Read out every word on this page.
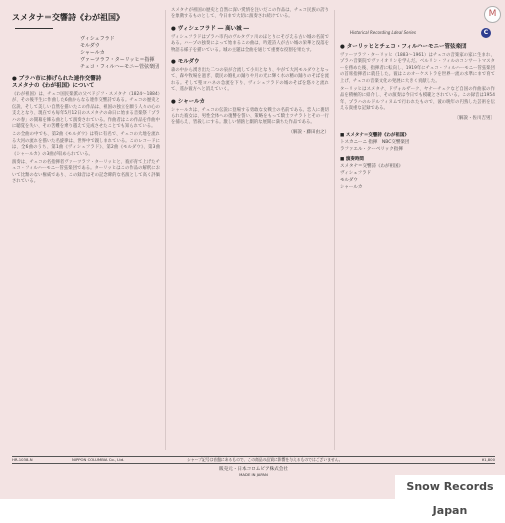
M
スメタナ＝交響詩《わが祖国》
ヴィシェフラド
モルダウ
シャールカ
ヴァーツラフ・ターリッヒ＝指揮
チェコ・フィルハーモニー管弦楽団
● プラハ市に捧げられた連作交響詩
スメタナの《わが祖国》について
《わが祖国》は、チェコ国民楽派の父ベドジフ・スメタナ（1824〜1884）が、その後半生に作曲した6曲からなる連作交響詩である。チェコの歴史と伝説、そして美しい自然を描いたこの作品は、祖国の独立を願う人々の心の支えとなり、現在でも毎年5月12日のスメタナの命日に始まる音楽祭「プラハの春」の開幕を飾る曲として演奏されている。作曲者はこの作品を作曲中に聴覚を失い、その苦難を乗り越えて完成させたことでも知られている。
この全曲の中でも、第2曲《モルダウ》は特に有名で、チェコの大地を流れる大河の流れを描いた名旋律は、世界中で親しまれている。このレコードには、全6曲のうち、第1曲《ヴィシェフラド》、第2曲《モルダウ》、第3曲《シャールカ》の3曲が収められている。
演奏は、チェコの名指揮者ヴァーツラフ・ターリッヒと、彼が育て上げたチェコ・フィルハーモニー管弦楽団である。ターリッヒはこの作品の解釈において比類のない権威であり、この録音はその記念碑的な名演として高く評価されている。
スメタナが祖国の歴史と自然に深い愛情を注いだこの作品は、チェコ民族の誇りを象徴するものとして、今日まで大切に演奏され続けている。
● ヴィシェフラド ― 高い城 ―
ヴィシェフラドはプラハ市内のヴルタヴァ川のほとりにそびえる古い城の名前である。ハープの独奏によって始まるこの曲は、吟遊詩人が古い城の栄華と没落を物語る様子を描いている。城の主題は全曲を通じて重要な役割を果たす。
● モルダウ
森の中から湧き出た二つの泉が合流して小川となり、やがて大河モルダウとなって、森や牧場を過ぎ、農民の婚礼の踊りや月の光に輝く水の精の踊りのそばを流れる。そして聖ヨハネの急流を下り、ヴィシェフラドの城のそばを悠々と流れて、遥か彼方へと消えていく。
● シャールカ
シャールカは、チェコの伝説に登場する勇敢な女戦士の名前である。恋人に裏切られた彼女は、男性全体への復讐を誓い、策略をもって騎士ツチラトとその一行を捕らえ、皆殺しにする。激しい情熱と劇的な展開に満ちた作品である。
（解説・藤田由之）
Historical Recording Ldeal Series	C
● ターリッヒとチェコ・フィルハーモニー管弦楽団
ヴァーツラフ・ターリッヒ（1883〜1961）はチェコの音楽家の家に生まれ、プラハ音楽院でヴァイオリンを学んだ。ベルリン・フィルのコンサートマスターを務めた後、指揮者に転向し、1919年にチェコ・フィルハーモニー管弦楽団の首席指揮者に就任した。彼はこのオーケストラを世界一流の水準にまで育て上げ、チェコの音楽文化の発展に大きく貢献した。
ターリッヒはスメタナ、ドヴォルザーク、ヤナーチェクなど自国の作曲家の作品を積極的に紹介し、その演奏は今日でも模範とされている。この録音は1954年、プラハのルドルフィヌムで行われたもので、彼の晩年の円熟した芸術を伝える貴重な記録である。
〔解説・佐川吉男〕
■ スメタナ＝交響詩《わが祖国》
トスカニーニ 指揮　NBC交響楽団
ラファエル・クーベリック指揮
■ 演奏時間
スメタナ＝交響詩《わが祖国》
ヴィシェフラド
モルダウ
シャールカ
HR-1038-N	NIPPON COLUMBIA Co., Ltd.	シャープ記号は音盤にあるもので、この商品の品質に影響を与えるものではございません。	¥1,800
販売元・日本コロムビア株式会社
MADE IN JAPAN
Snow Records Japan
